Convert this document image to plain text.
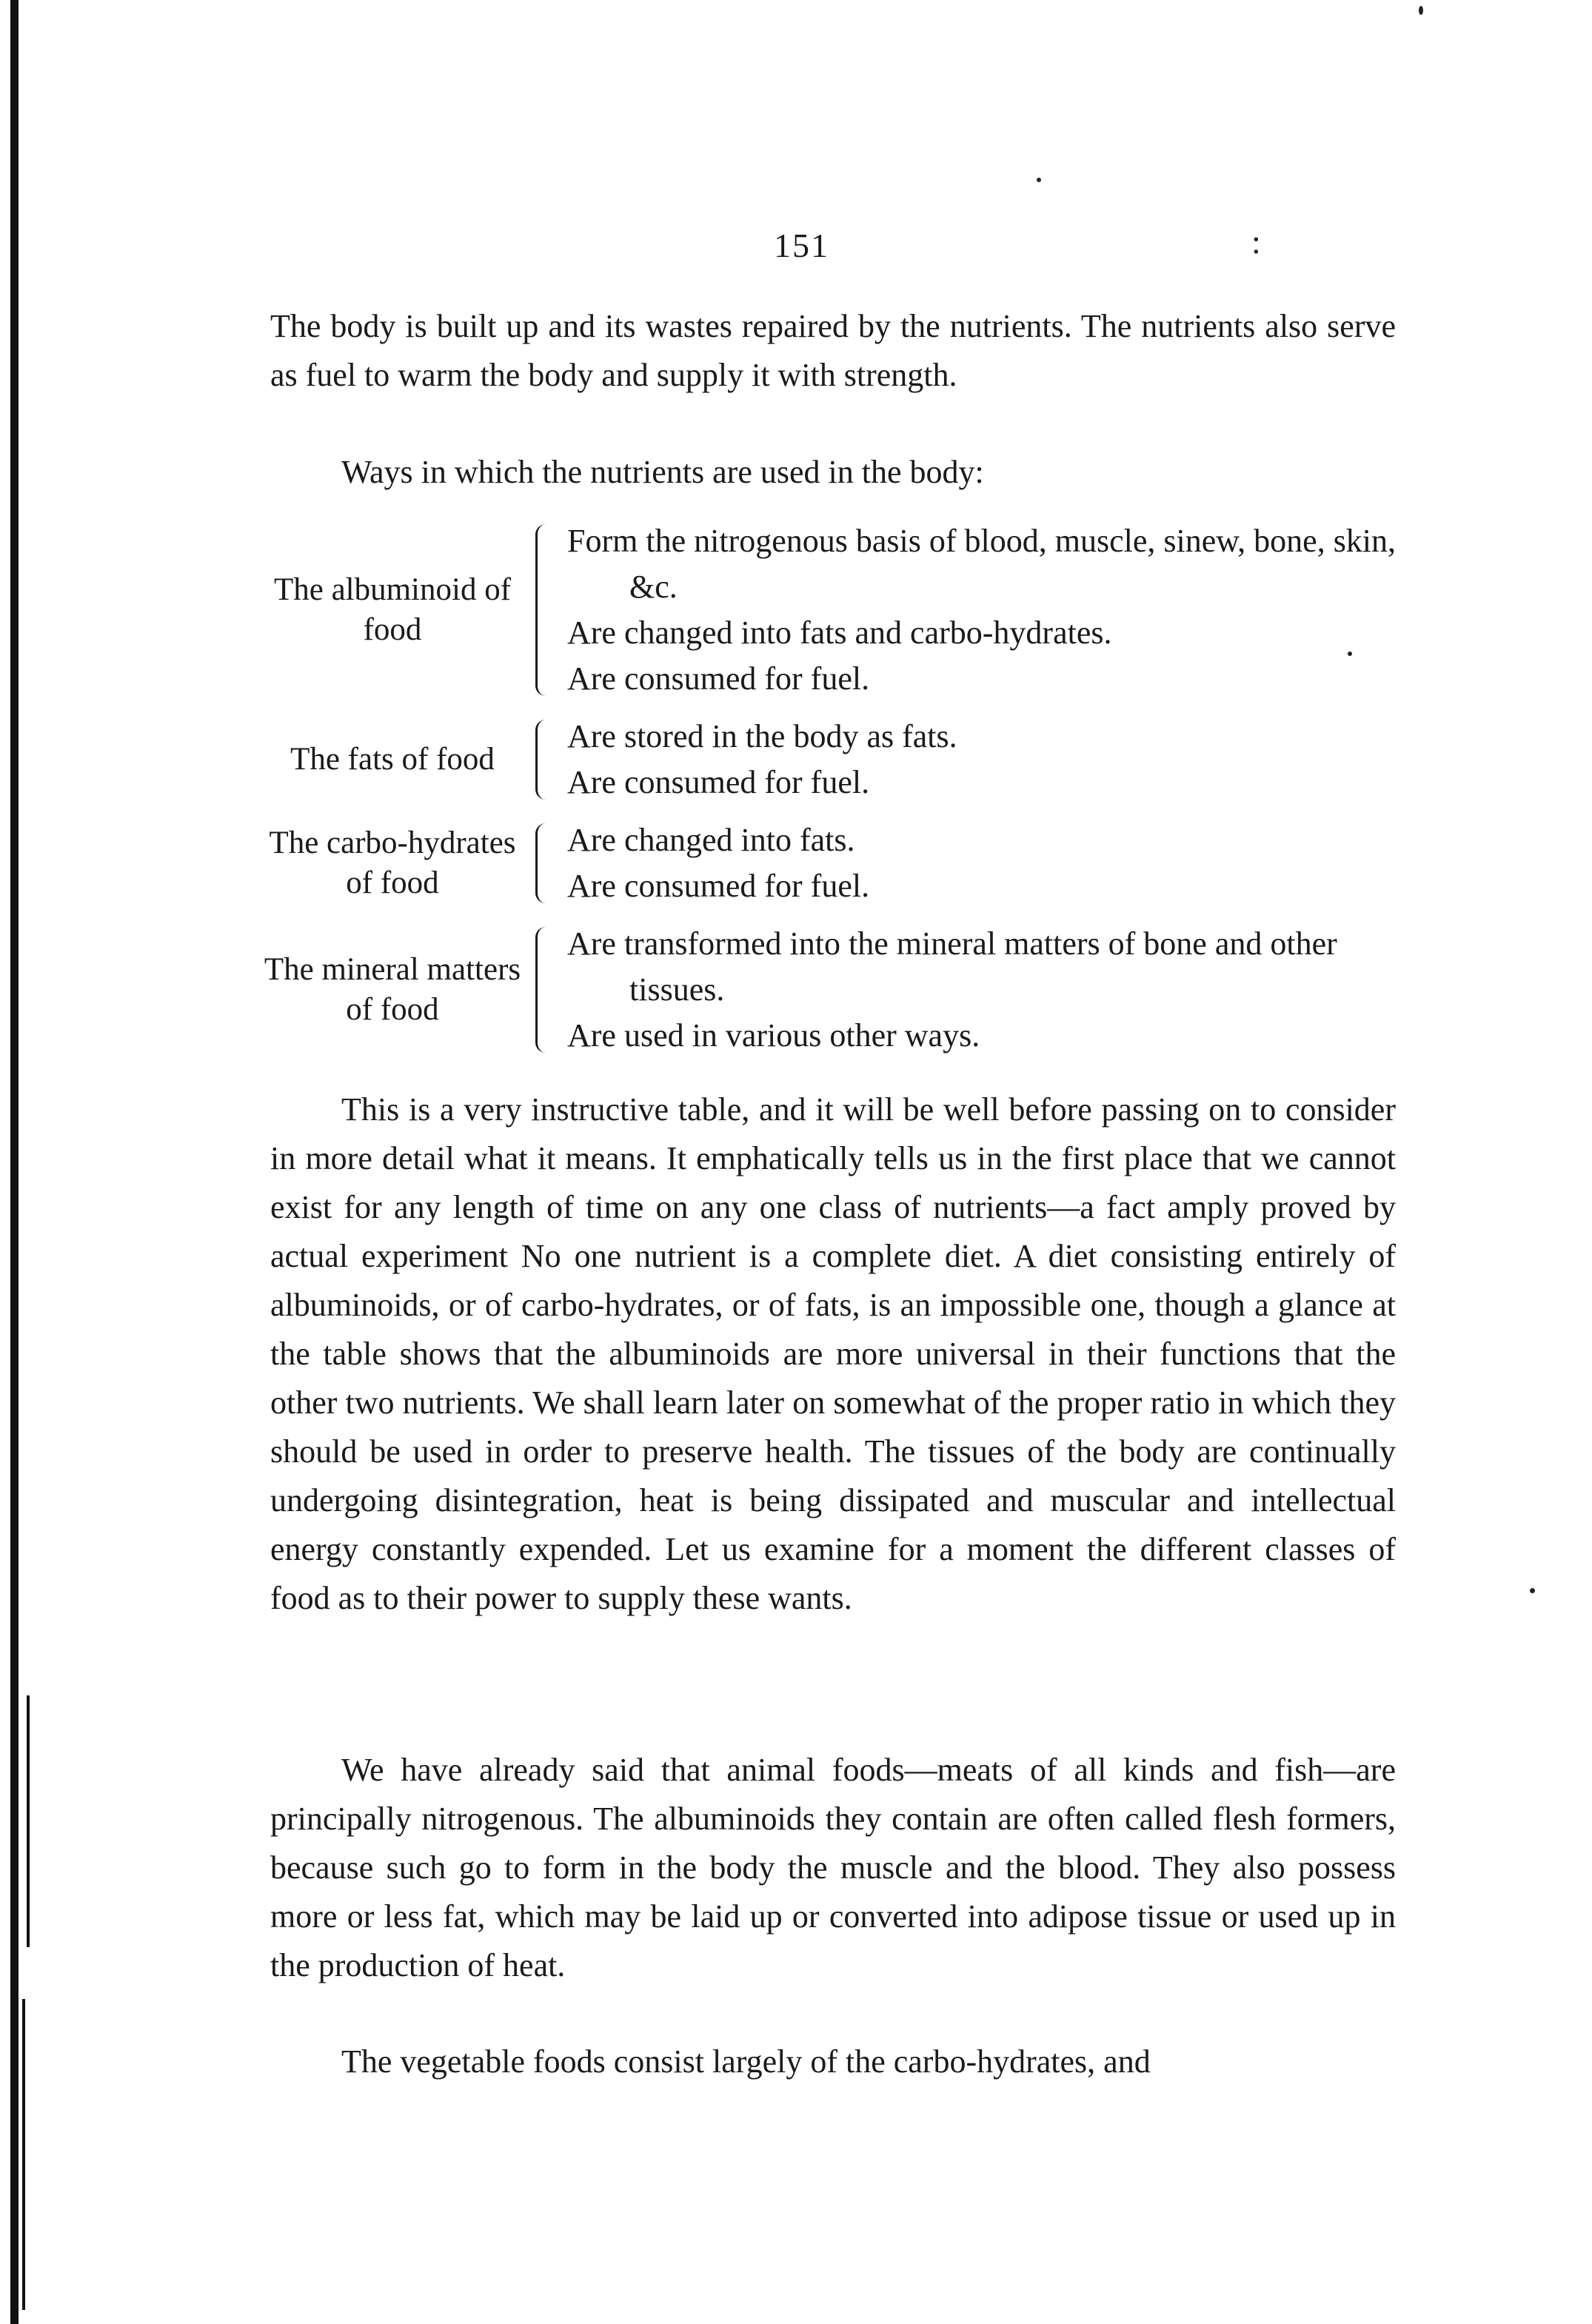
151	:

The body is built up and its wastes repaired by the nutrients. The nutrients also serve as fuel to warm the body and supply it with strength.

Ways in which the nutrients are used in the body:

The albuminoid of food
Form the nitrogenous basis of blood, muscle, sinew, bone, skin, &c.
Are changed into fats and carbo-hydrates.
Are consumed for fuel.
The fats of food
Are stored in the body as fats.
Are consumed for fuel.
The carbo-hydrates of food
Are changed into fats.
Are consumed for fuel.
The mineral matters of food
Are transformed into the mineral matters of bone and other tissues.
Are used in various other ways.

This is a very instructive table, and it will be well before passing on to consider in more detail what it means. It emphatically tells us in the first place that we cannot exist for any length of time on any one class of nutrients—a fact amply proved by actual experiment No one nutrient is a complete diet. A diet consisting entirely of albuminoids, or of carbo-hydrates, or of fats, is an impossible one, though a glance at the table shows that the albuminoids are more universal in their functions that the other two nutrients. We shall learn later on somewhat of the proper ratio in which they should be used in order to preserve health. The tissues of the body are continually undergoing disintegration, heat is being dissipated and muscular and intellectual energy constantly expended. Let us examine for a moment the different classes of food as to their power to supply these wants.

We have already said that animal foods—meats of all kinds and fish—are principally nitrogenous. The albuminoids they contain are often called flesh formers, because such go to form in the body the muscle and the blood. They also possess more or less fat, which may be laid up or converted into adipose tissue or used up in the production of heat.

The vegetable foods consist largely of the carbo-hydrates, and
